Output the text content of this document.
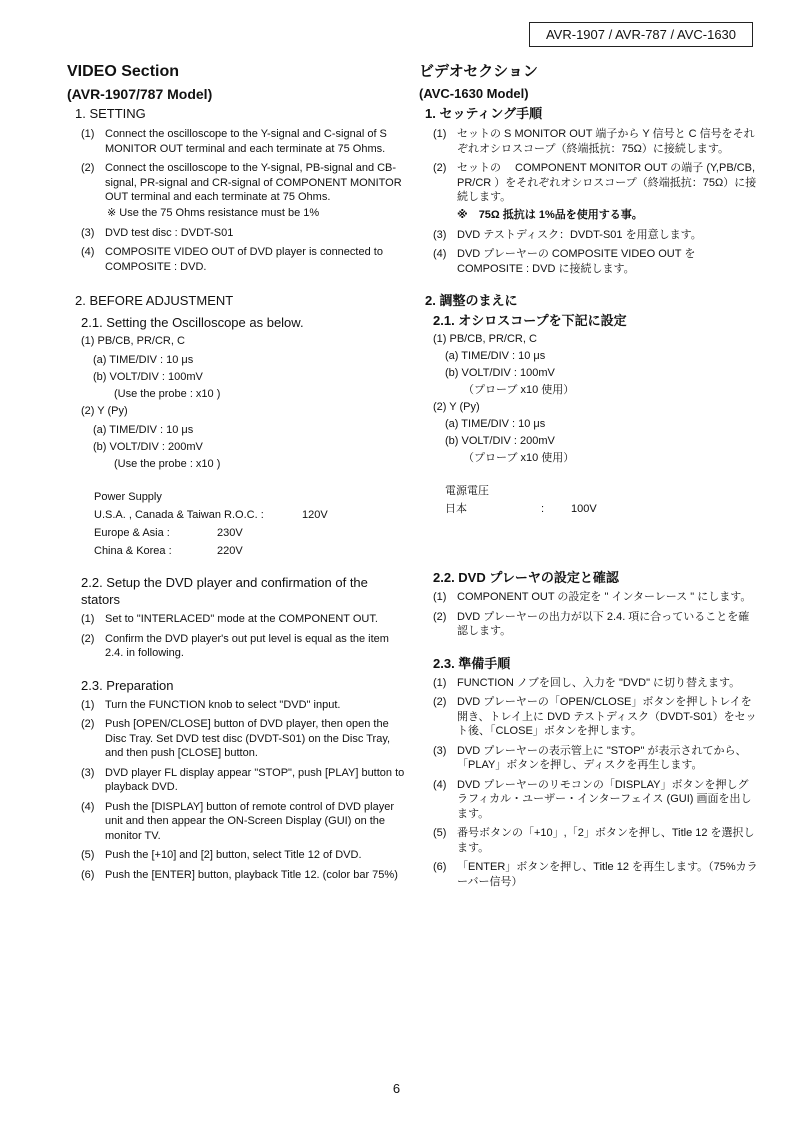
AVR-1907 / AVR-787 / AVC-1630
VIDEO Section
(AVR-1907/787 Model)
1. SETTING
(1) Connect the oscilloscope to the Y-signal and C-signal of S MONITOR OUT terminal and each terminate at 75 Ohms.
(2) Connect the oscilloscope to the Y-signal, PB-signal and CB-signal, PR-signal and CR-signal of COMPONENT MONITOR OUT terminal and each terminate at 75 Ohms.
※ Use the 75 Ohms resistance must be 1%
(3) DVD test disc : DVDT-S01
(4) COMPOSITE VIDEO OUT of DVD player is connected to COMPOSITE : DVD.
2. BEFORE ADJUSTMENT
2.1. Setting the Oscilloscope as below.
(1) PB/CB, PR/CR, C
(a) TIME/DIV : 10 μs
(b) VOLT/DIV : 100mV
(Use the probe : x10 )
(2) Y (Py)
(a) TIME/DIV : 10 μs
(b) VOLT/DIV : 200mV
(Use the probe : x10 )
Power Supply
U.S.A. , Canada & Taiwan R.O.C. :	120V
Europe & Asia :	230V
China & Korea :	220V
2.2. Setup the DVD player and confirmation of the stators
(1) Set to "INTERLACED" mode at the COMPONENT OUT.
(2) Confirm the DVD player's out put level is equal as the item 2.4. in following.
2.3. Preparation
(1) Turn the FUNCTION knob to select "DVD" input.
(2) Push [OPEN/CLOSE] button of DVD player, then open the Disc Tray. Set DVD test disc (DVDT-S01) on the Disc Tray, and then push [CLOSE] button.
(3) DVD player FL display appear "STOP", push [PLAY] button to playback DVD.
(4) Push the [DISPLAY] button of remote control of DVD player unit and then appear the ON-Screen Display (GUI) on the monitor TV.
(5) Push the [+10] and [2] button, select Title 12 of DVD.
(6) Push the [ENTER] button, playback Title 12. (color bar 75%)
ビデオセクション
(AVC-1630 Model)
1. セッティング手順
(1) セットの S MONITOR OUT 端子から Y 信号と C 信号をそれぞれオシロスコープ（終端抵抗：75Ω）に接続します。
(2) セットの　 COMPONENT MONITOR OUT の端子 (Y,PB/CB, PR/CR ）をそれぞれオシロスコープ（終端抵抗：75Ω）に接続します。
※　75Ω 抵抗は 1%品を使用する事。
(3) DVD テストディスク：DVDT-S01 を用意します。
(4) DVD プレーヤーの COMPOSITE VIDEO OUT を COMPOSITE : DVD に接続します。
2. 調整のまえに
2.1. オシロスコープを下記に設定
(1) PB/CB, PR/CR, C
(a) TIME/DIV : 10 μs
(b) VOLT/DIV : 100mV
（プローブ x10 使用）
(2) Y (Py)
(a) TIME/DIV : 10 μs
(b) VOLT/DIV : 200mV
（プローブ x10 使用）
電源電圧
日本	:	100V
2.2. DVD プレーヤの設定と確認
(1) COMPONENT OUT の設定を " インターレース " にします。
(2) DVD プレーヤーの出力が以下 2.4. 項に合っていることを確認します。
2.3. 準備手順
(1) FUNCTION ノブを回し、入力を "DVD" に切り替えます。
(2) DVD プレーヤーの「OPEN/CLOSE」ボタンを押しトレイを開き、トレイ上に DVD テストディスク（DVDT-S01）をセット後、「CLOSE」ボタンを押します。
(3) DVD プレーヤーの表示管上に "STOP" が表示されてから、「PLAY」ボタンを押し、ディスクを再生します。
(4) DVD プレーヤーのリモコンの「DISPLAY」ボタンを押しグラフィカル・ユーザー・インターフェイス (GUI) 画面を出します。
(5) 番号ボタンの「+10」,「2」ボタンを押し、Title 12 を選択します。
(6) 「ENTER」ボタンを押し、Title 12 を再生します。（75%カラーバー信号）
6
